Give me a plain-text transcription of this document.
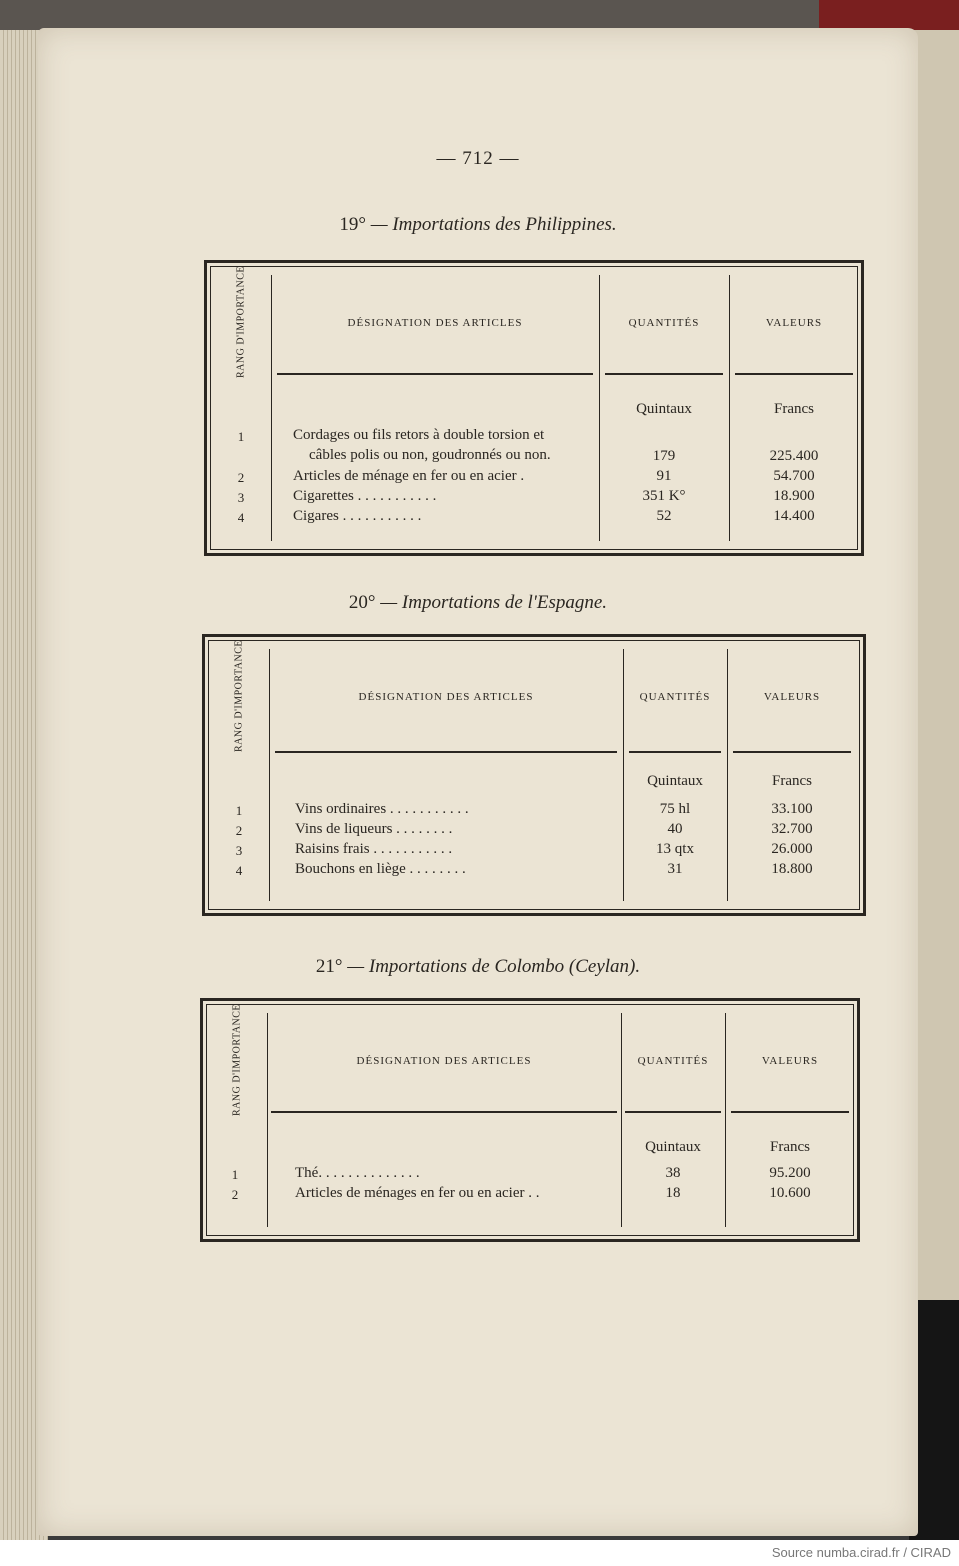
— 712 —
19° — Importations des Philippines.
RANG D'IMPORTANCE	DÉSIGNATION DES ARTICLES	QUANTITÉS	VALEURS
Quintaux	Francs
1	Cordages ou fils retors à double torsion et
câbles polis ou non, goudronnés ou non.	179	225.400
2	Articles de ménage en fer ou en acier .	91	54.700
3	Cigarettes . . . . . . . . . . .	351 K°	18.900
4	Cigares . . . . . . . . . . .	52	14.400
20° — Importations de l'Espagne.
RANG D'IMPORTANCE	DÉSIGNATION DES ARTICLES	QUANTITÉS	VALEURS
Quintaux	Francs
1	Vins ordinaires . . . . . . . . . . .	75 hl	33.100
2	Vins de liqueurs . . . . . . . .	40	32.700
3	Raisins frais . . . . . . . . . . .	13 qtx	26.000
4	Bouchons en liège . . . . . . . .	31	18.800
21° — Importations de Colombo (Ceylan).
RANG D'IMPORTANCE	DÉSIGNATION DES ARTICLES	QUANTITÉS	VALEURS
Quintaux	Francs
1	Thé. . . . . . . . . . . . . .	38	95.200
2	Articles de ménages en fer ou en acier . .	18	10.600
Source numba.cirad.fr / CIRAD
